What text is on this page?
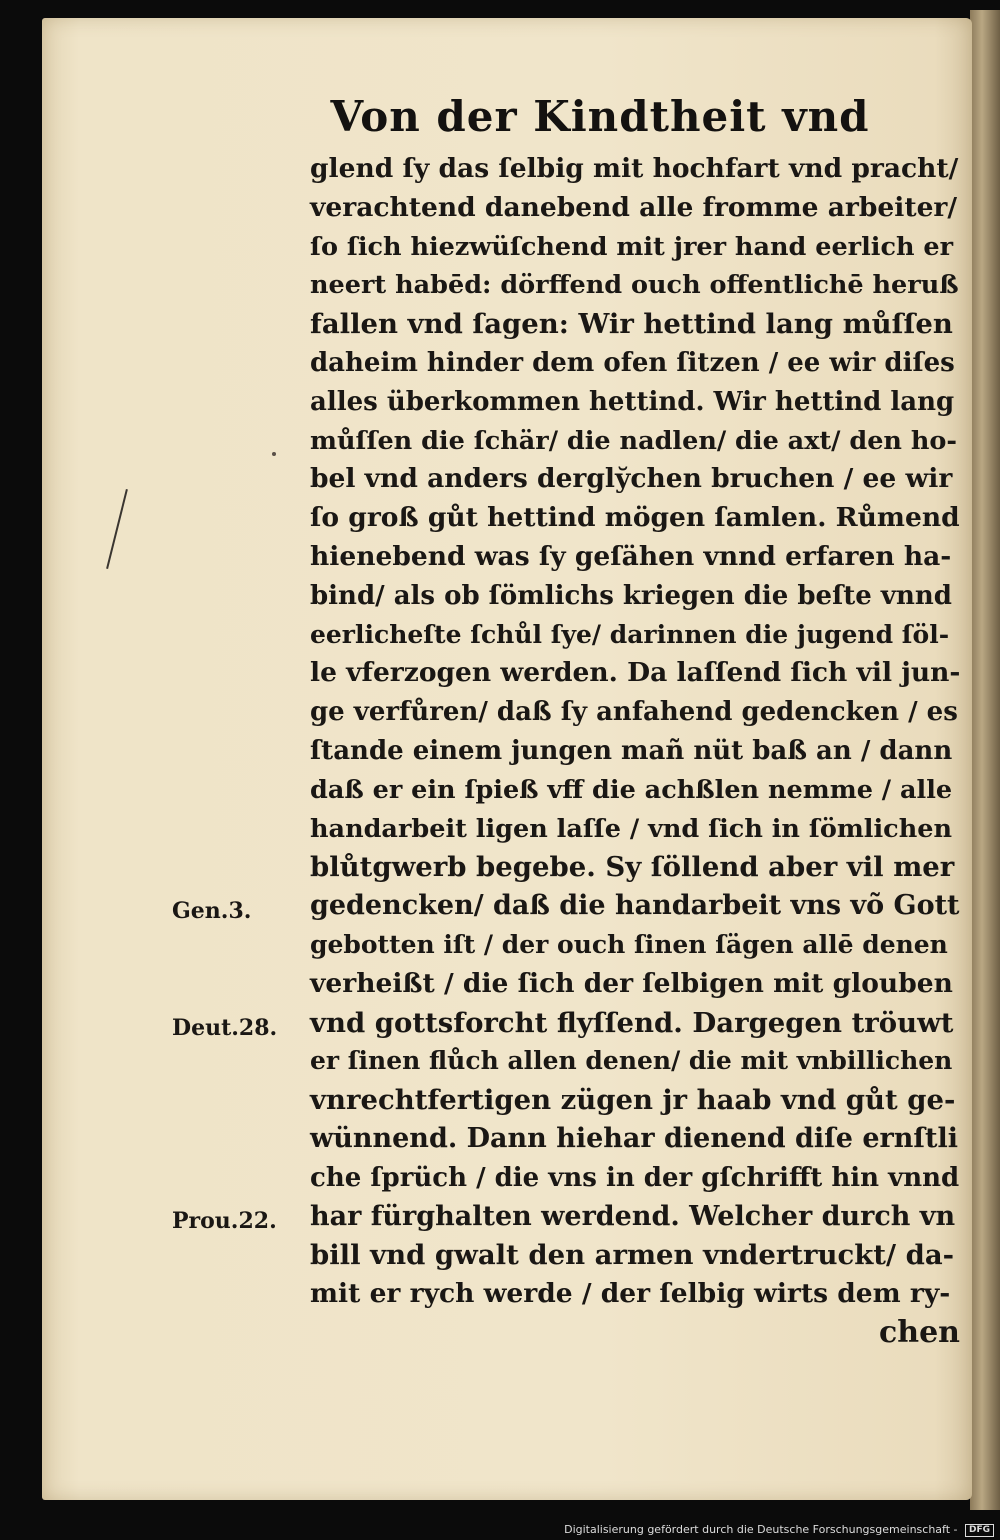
Von der Kindtheit vnd
glend ſy das ſelbig mit hochfart vnd pracht/
verachtend danebend alle fromme arbeiter/
ſo ſich hiezwüſchend mit jrer hand eerlich er
neert habēd: dörffend ouch offentlichē heruß
fallen vnd ſagen: Wir hettind lang můſſen
daheim hinder dem ofen ſitzen / ee wir diſes
alles überkommen hettind. Wir hettind lang
můſſen die ſchär/ die nadlen/ die axt/ den ho-
bel vnd anders dergly̆chen bruchen / ee wir
ſo groß gůt hettind mögen ſamlen. Růmend
hienebend was ſy geſähen vnnd erfaren ha-
bind/ als ob ſömlichs kriegen die beſte vnnd
eerlicheſte ſchůl ſye/ darinnen die jugend ſöl-
le vferzogen werden. Da laſſend ſich vil jun-
ge verfůren/ daß ſy anfahend gedencken / es
ſtande einem jungen mañ nüt baß an / dann
daß er ein ſpieß vff die achßlen nemme / alle
handarbeit ligen laſſe / vnd ſich in ſömlichen
blůtgwerb begebe. Sy ſöllend aber vil mer
gedencken/ daß die handarbeit vns võ Gott
gebotten iſt / der ouch ſinen ſägen allē denen
verheißt / die ſich der ſelbigen mit glouben
vnd gottsforcht flyſſend. Dargegen tröuwt
er ſinen flůch allen denen/ die mit vnbillichen
vnrechtfertigen zügen jr haab vnd gůt ge-
wünnend. Dann hiehar dienend diſe ernſtli
che ſprüch / die vns in der gſchrifft hin vnnd
har fürghalten werdend. Welcher durch vn
bill vnd gwalt den armen vndertruckt/ da-
mit er rych werde / der ſelbig wirts dem ry-
chen
Gen.3.
Deut.28.
Prou.22.
Digitalisierung gefördert durch die Deutsche Forschungsgemeinschaft - DFG
